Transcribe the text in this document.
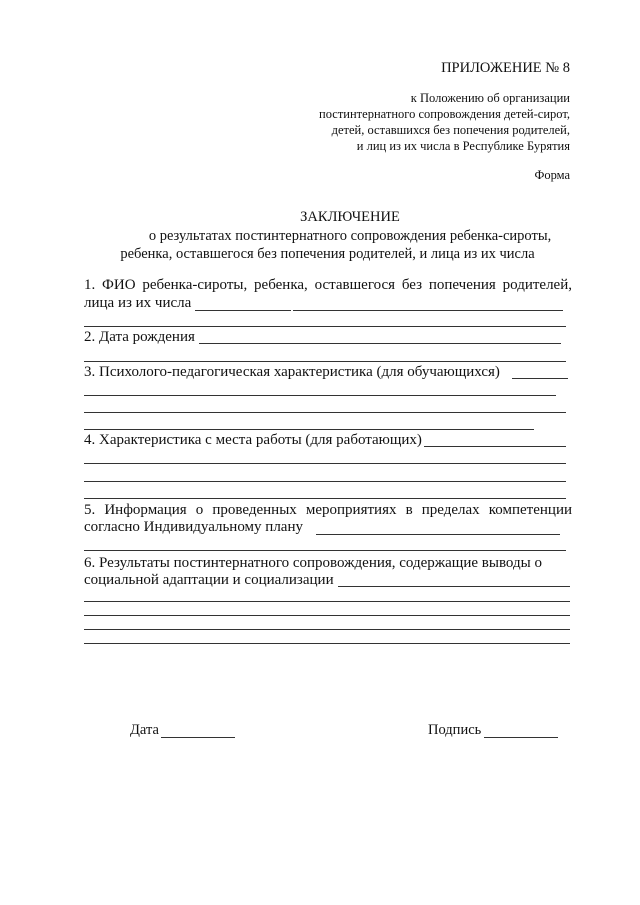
ПРИЛОЖЕНИЕ № 8
к Положению об организации
постинтернатного сопровождения детей-сирот,
детей, оставшихся без попечения родителей,
и лиц из их числа в Республике Бурятия
Форма
ЗАКЛЮЧЕНИЕ
о результатах постинтернатного сопровождения ребенка-сироты,
ребенка, оставшегося без попечения родителей, и лица из их числа
1. ФИО ребенка-сироты, ребенка, оставшегося без попечения родителей,
лица из их числа
2. Дата рождения
3. Психолого-педагогическая характеристика (для обучающихся)
4. Характеристика с места работы (для работающих)
5. Информация о проведенных мероприятиях в пределах компетенции
согласно Индивидуальному плану
6. Результаты постинтернатного сопровождения, содержащие выводы о
социальной адаптации и социализации
Дата	Подпись
